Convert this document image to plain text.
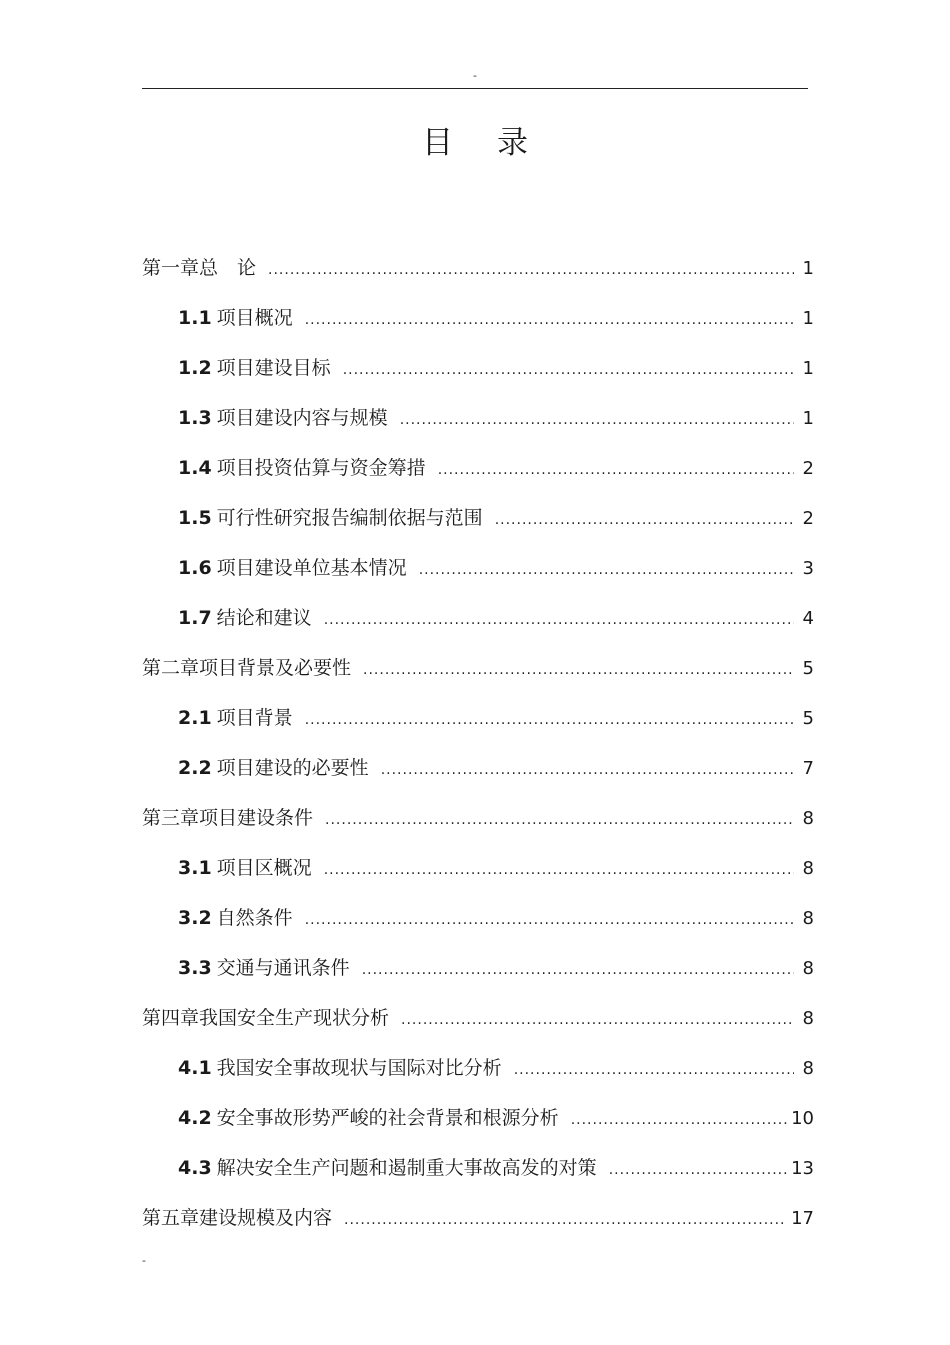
-
目录
第一章 总　论 .....	1
1.1 项目概况 .....	1
1.2 项目建设目标 .....	1
1.3 项目建设内容与规模 .....	1
1.4 项目投资估算与资金筹措 .....	2
1.5 可行性研究报告编制依据与范围 .....	2
1.6 项目建设单位基本情况 .....	3
1.7 结论和建议 .....	4
第二章 项目背景及必要性 .....	5
2.1 项目背景 .....	5
2.2 项目建设的必要性 .....	7
第三章 项目建设条件 .....	8
3.1 项目区概况 .....	8
3.2 自然条件 .....	8
3.3 交通与通讯条件 .....	8
第四章 我国安全生产现状分析 .....	8
4.1 我国安全事故现状与国际对比分析 .....	8
4.2 安全事故形势严峻的社会背景和根源分析 .....	10
4.3 解决安全生产问题和遏制重大事故高发的对策 .....	13
第五章 建设规模及内容 .....	17
-
